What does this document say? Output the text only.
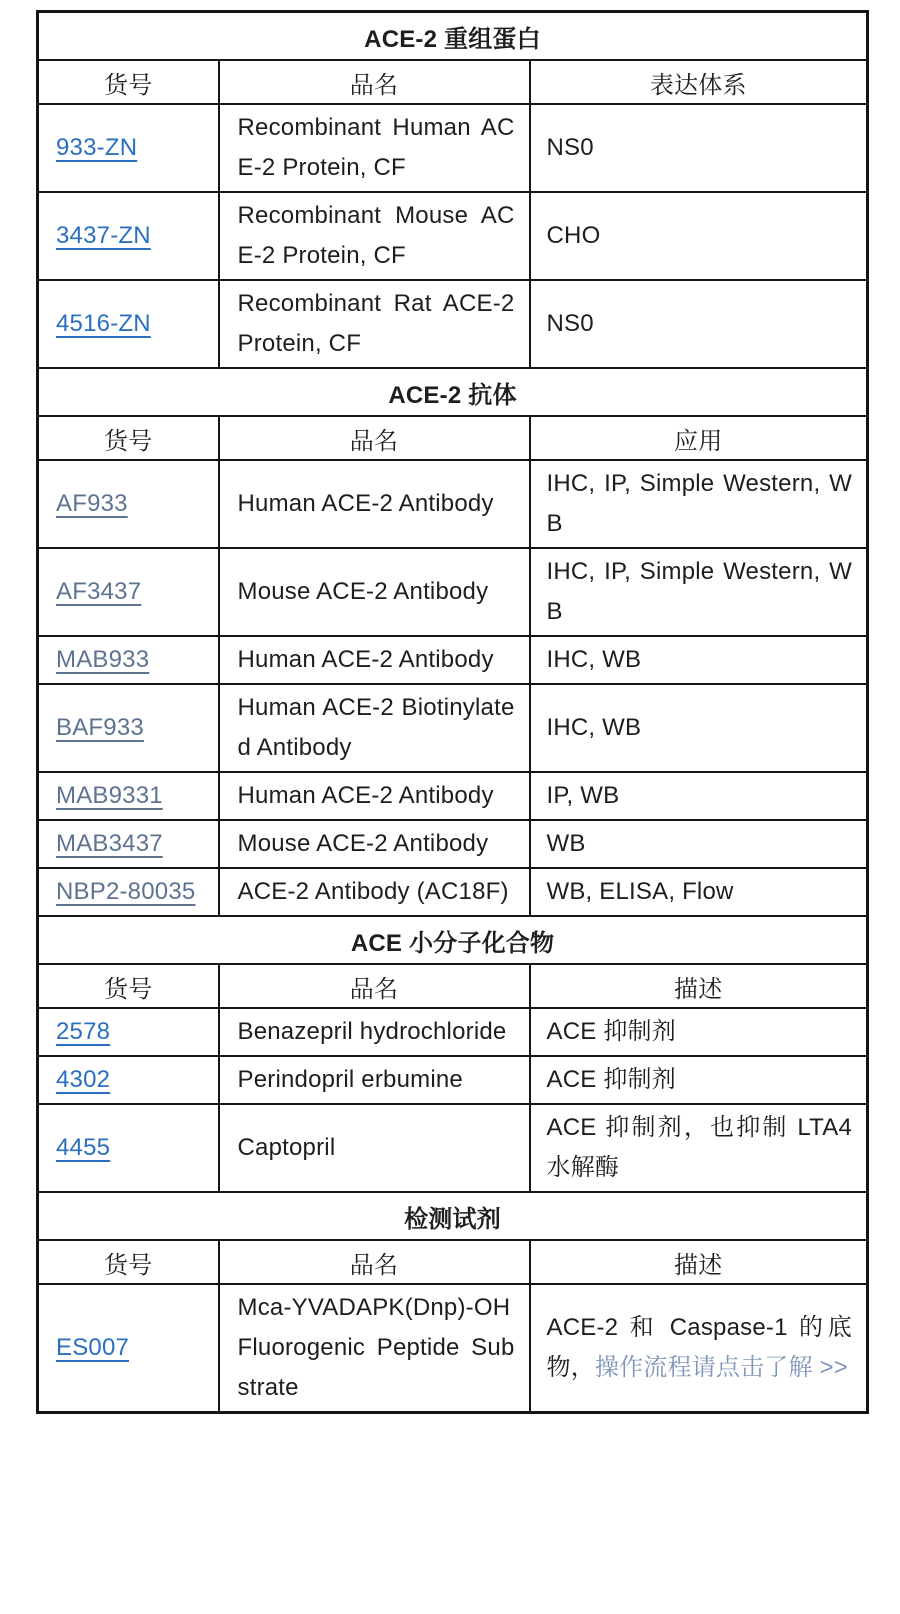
ACE-2 重组蛋白		
货号	品名	表达体系
933-ZN	Recombinant Human ACE-2 Protein, CF	NS0
3437-ZN	Recombinant Mouse ACE-2 Protein, CF	CHO
4516-ZN	Recombinant Rat ACE-2 Protein, CF	NS0
ACE-2 抗体		
货号	品名	应用
AF933	Human ACE-2 Antibody	IHC, IP, Simple Western, WB
AF3437	Mouse ACE-2 Antibody	IHC, IP, Simple Western, WB
MAB933	Human ACE-2 Antibody	IHC, WB
BAF933	Human ACE-2 Biotinylated Antibody	IHC, WB
MAB9331	Human ACE-2 Antibody	IP, WB
MAB3437	Mouse ACE-2 Antibody	WB
NBP2-80035	ACE-2 Antibody (AC18F)	WB, ELISA, Flow
ACE 小分子化合物		
货号	品名	描述
2578	Benazepril hydrochloride	ACE 抑制剂
4302	Perindopril erbumine	ACE 抑制剂
4455	Captopril	ACE 抑制剂，也抑制 LTA4 水解酶
检测试剂		
货号	品名	描述
ES007	Mca-YVADAPK(Dnp)-OH Fluorogenic Peptide Substrate	ACE-2 和 Caspase-1 的底物，操作流程请点击了解 >>
